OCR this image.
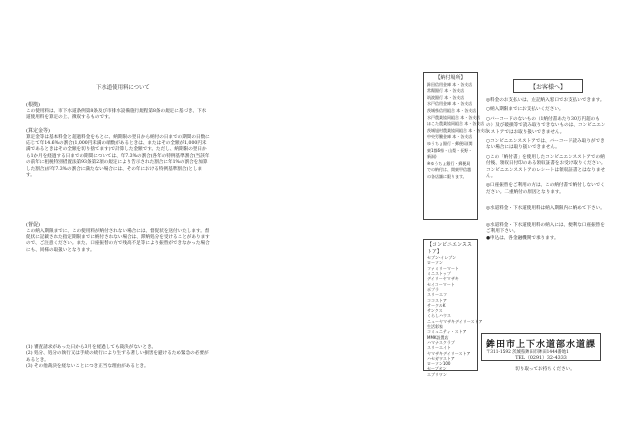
下水道使用料について
(根拠)
この使用料は、市下水道条例第8条及び市排水設備施行規程第8条の規定に基づき、下水道使用料を算定の上、徴収するものです。
(算定金等)
算定金等は基本料金と超過料金をもとに、納期限の翌日から納付の日までの期間の日数に応じて年14.6%の割合(1,000円未満の端数があるときは、またはその全額が1,000円未満であるときはその全額を切り捨てます)で計算した金額です。ただし、納期限の翌日から1か月を経過する日までの期間については、年7.3%の割合(各年の特例基準割合(当該年の前年に租税特別措置法第93条第2項の規定により告示された割合に年1%の割合を加算した割合)が年7.3%の割合に満たない場合には、その年における特例基準割合)とします。
(督促)
この納入期限までに、この使用料が納付されない場合には、督促状を送付いたします。督促状に記載された指定期限までに納付されない場合は、滞納処分を受けることがありますので、ご注意ください。また、口座振替の方で残高不足等により振替ができなかった場合にも、同様の取扱いとなります。
(1) 審査請求があった日から3月を経過しても裁決がないとき。
(2) 処分、処分の執行又は手続の続行により生ずる著しい損害を避けるため緊急の必要があるとき。
(3) その他裁決を経ないことにつき正当な理由があるとき。
【納付場所】
鉾田信用金庫 本・各支店
常陽銀行 本・各支店
筑波銀行 本・各支店
水戸信用金庫 本・各支店
茨城県信用組合 本・各支店
水戸農業協同組合 本・各支店
ほこた農業協同組合 本・各支店
茨城旭村農業協同組合 本・各支店
中央労働金庫 本・各支店
ゆうちょ銀行・郵便局(関東1都6県・山梨・長野・新潟)
※ゆうちょ銀行・郵便局での納付は、関東甲信越の各店舗に限ります。
【コンビニエンスストア】
セブン-イレブン
ローソン
ファミリーマート
ミニストップ
デイリーヤマザキ
セイコーマート
ポプラ
スリーエフ
ココストア
サークルK
サンクス
くらしハウス
ニューヤマザキデイリーストア
生活彩家
コミュニティ・ストア
MMK設置店
ハマナスクラブ
スリーエイト
ヤマザキデイリーストア
ハセガワストア
ローソン100
セーブオン
エブリワン
【お客様へ】
◎料金のお支払いは、左記納入窓口でお支払いできます。
○納入期限までにお支払いください。
○バーコードのないもの（1納付書あたり30万円超のもの）及び破損等で読み取りできないものは、コンビニエンスストアではお取り扱いできません。
○コンビニエンスストアでは、バーコード読み取りができない場合には取り扱いできません。
○この「納付書」を使用したコンビニエンスストアでの納付後、領収日付印のある領収証書をお受け取りください。コンビニエンスストアのレシートは領収証書とはなりません。
◎口座振替をご利用の方は、この納付書で納付しないでください。二重納付の原因となります。
◎水道料金・下水道使用料は納入期限内に納めて下さい。
◎水道料金・下水道使用料の納入には、便利な口座振替をご利用下さい。
●申込は、各金融機関で承ります。
鉾田市上下水道部水道課
〒311-1592 茨城県鉾田市鉾田1444番地1
TEL（0291）32-4333
切り取ってお持ちください。
